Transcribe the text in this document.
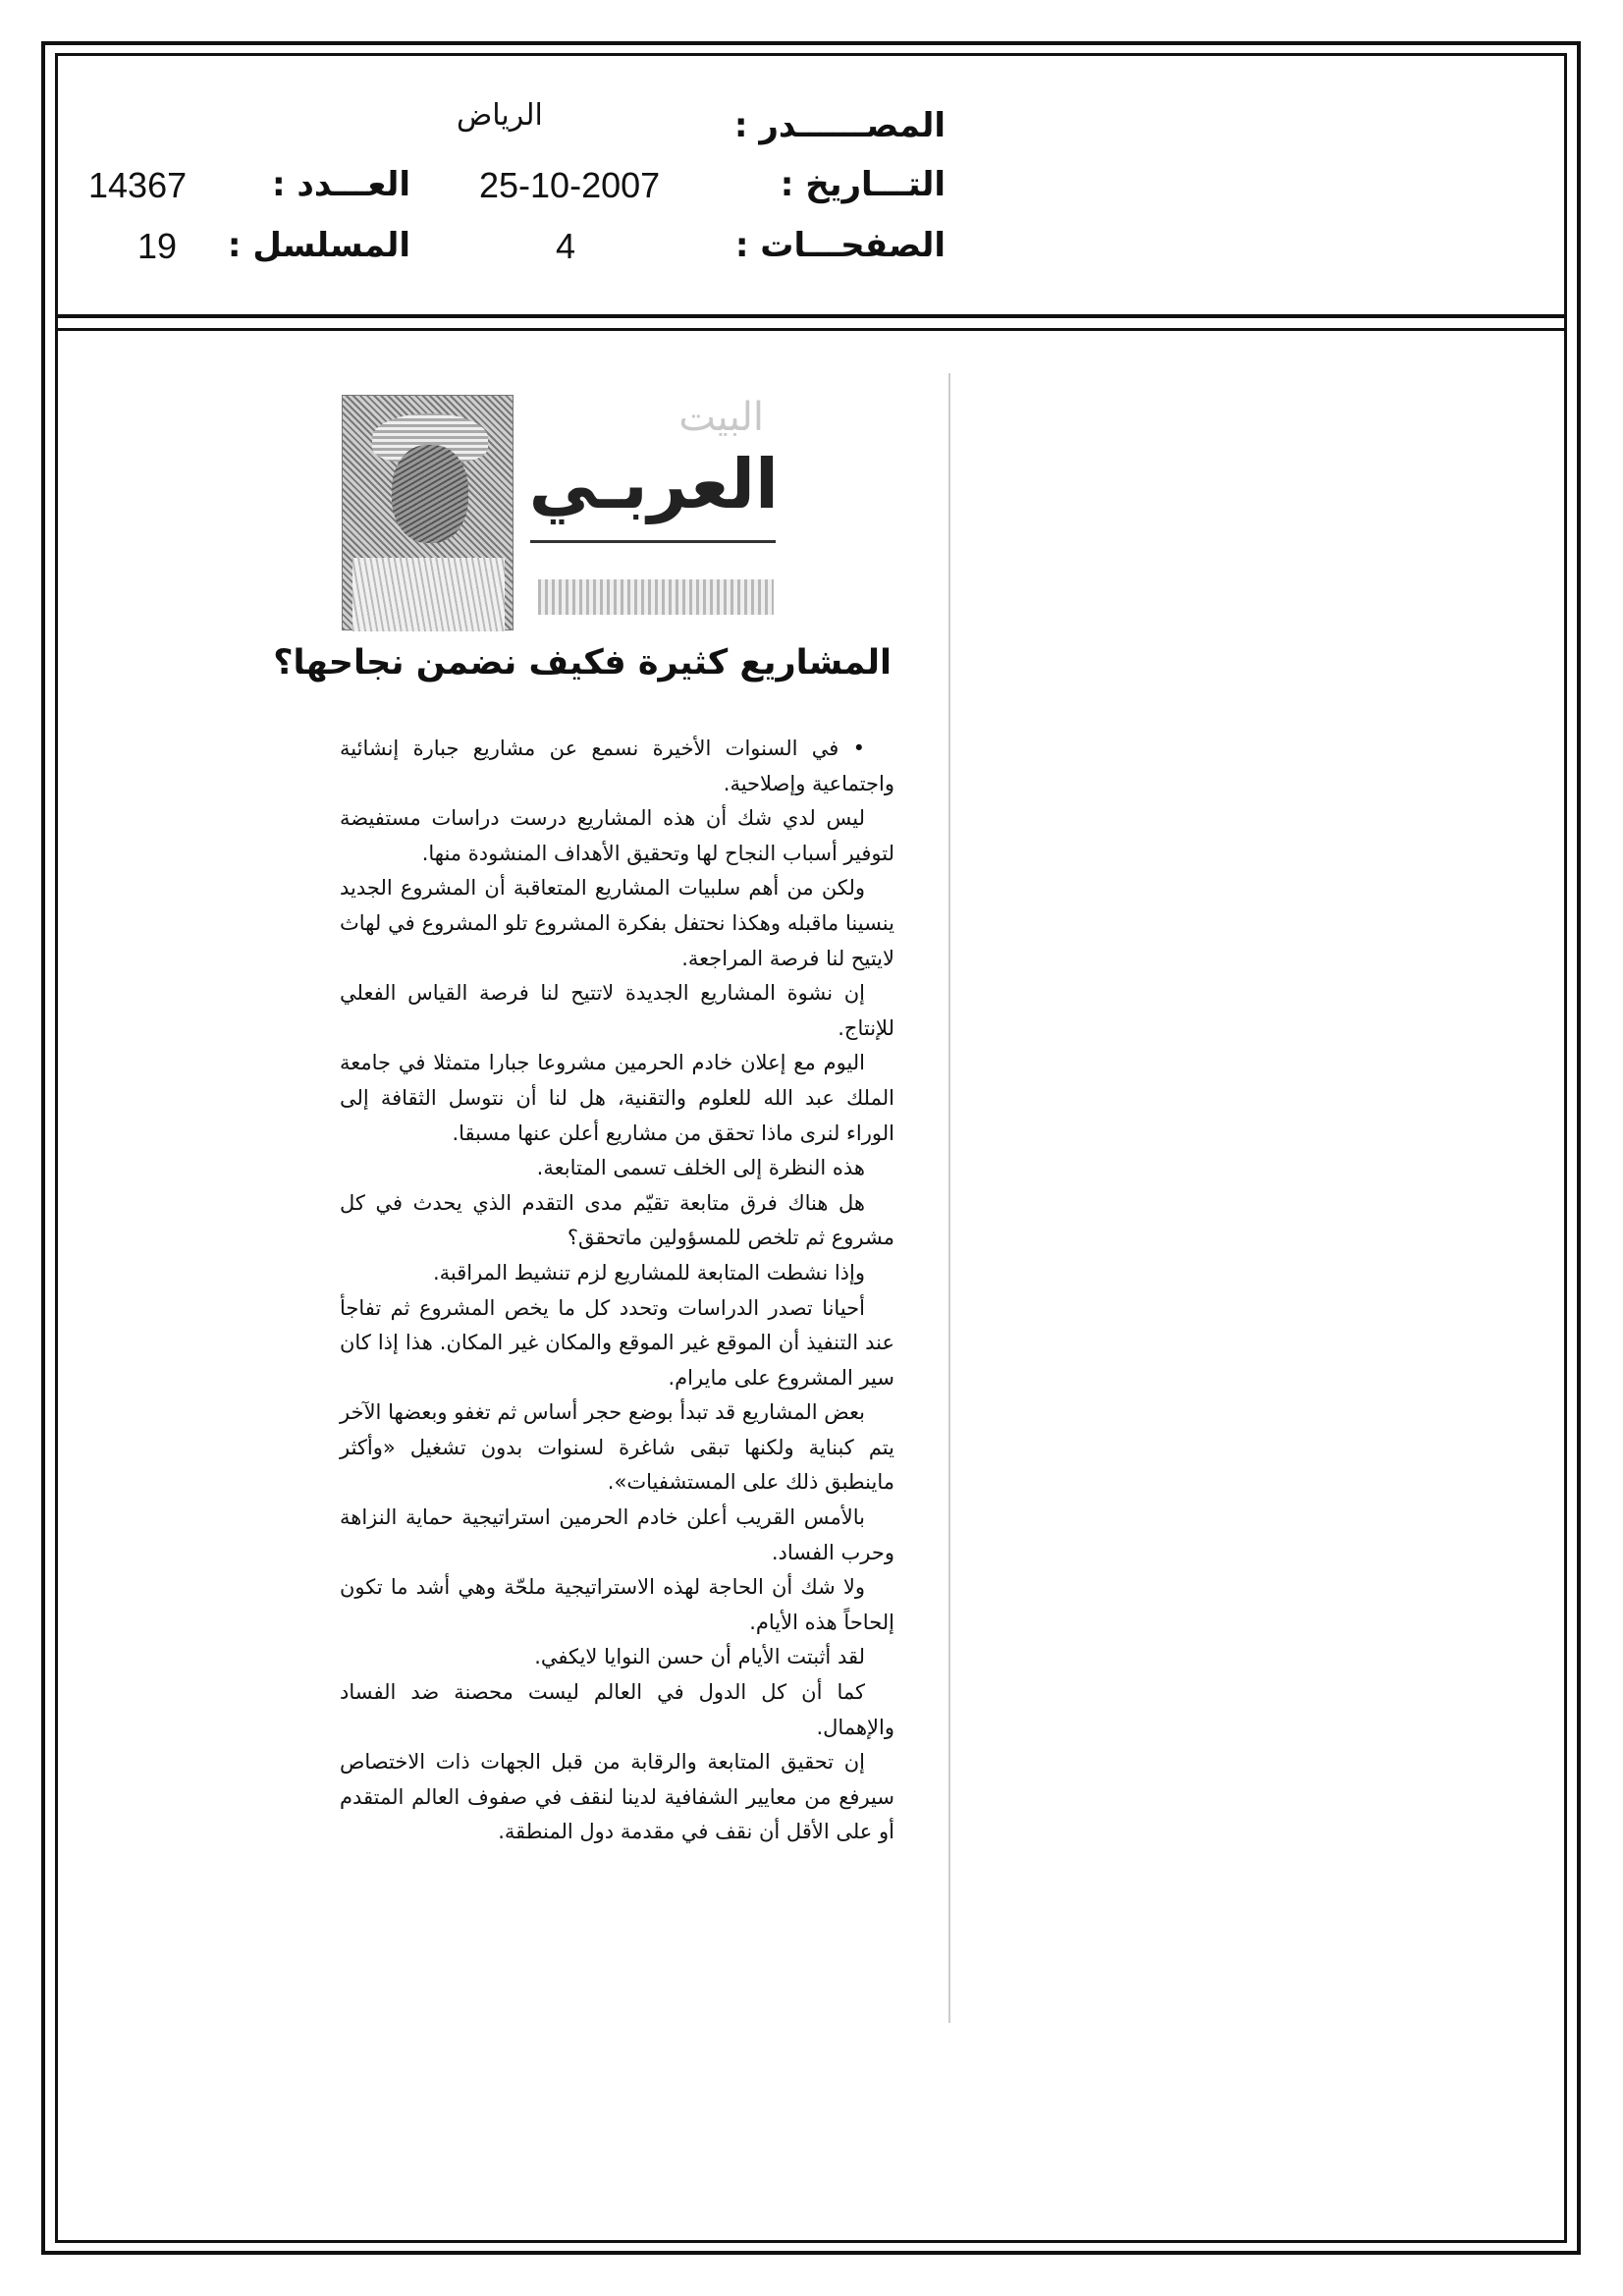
المصــــــدر :
الرياض
التـــاريخ :
25-10-2007
العـــدد :
14367
الصفحـــات :
4
المسلسل :
19
البيت
العربـي
المشاريع كثيرة فكيف نضمن نجاحها؟

• في السنوات الأخيرة نسمع عن مشاريع جبارة إنشائية واجتماعية وإصلاحية.

ليس لدي شك أن هذه المشاريع درست دراسات مستفيضة لتوفير أسباب النجاح لها وتحقيق الأهداف المنشودة منها.

ولكن من أهم سلبيات المشاريع المتعاقبة أن المشروع الجديد ينسينا ماقبله وهكذا نحتفل بفكرة المشروع تلو المشروع في لهاث لايتيح لنا فرصة المراجعة.

إن نشوة المشاريع الجديدة لاتتيح لنا فرصة القياس الفعلي للإنتاج.

اليوم مع إعلان خادم الحرمين مشروعا جبارا متمثلا في جامعة الملك عبد الله للعلوم والتقنية، هل لنا أن نتوسل الثقافة إلى الوراء لنرى ماذا تحقق من مشاريع أعلن عنها مسبقا.

هذه النظرة إلى الخلف تسمى المتابعة.

هل هناك فرق متابعة تقيّم مدى التقدم الذي يحدث في كل مشروع ثم تلخص للمسؤولين ماتحقق؟

وإذا نشطت المتابعة للمشاريع لزم تنشيط المراقبة.

أحيانا تصدر الدراسات وتحدد كل ما يخص المشروع ثم تفاجأ عند التنفيذ أن الموقع غير الموقع والمكان غير المكان. هذا إذا كان سير المشروع على مايرام.

بعض المشاريع قد تبدأ بوضع حجر أساس ثم تغفو وبعضها الآخر يتم كبناية ولكنها تبقى شاغرة لسنوات بدون تشغيل «وأكثر ماينطبق ذلك على المستشفيات».

بالأمس القريب أعلن خادم الحرمين استراتيجية حماية النزاهة وحرب الفساد.

ولا شك أن الحاجة لهذه الاستراتيجية ملحّة وهي أشد ما تكون إلحاحاً هذه الأيام.

لقد أثبتت الأيام أن حسن النوايا لايكفي.

كما أن كل الدول في العالم ليست محصنة ضد الفساد والإهمال.

إن تحقيق المتابعة والرقابة من قبل الجهات ذات الاختصاص سيرفع من معايير الشفافية لدينا لنقف في صفوف العالم المتقدم أو على الأقل أن نقف في مقدمة دول المنطقة.
